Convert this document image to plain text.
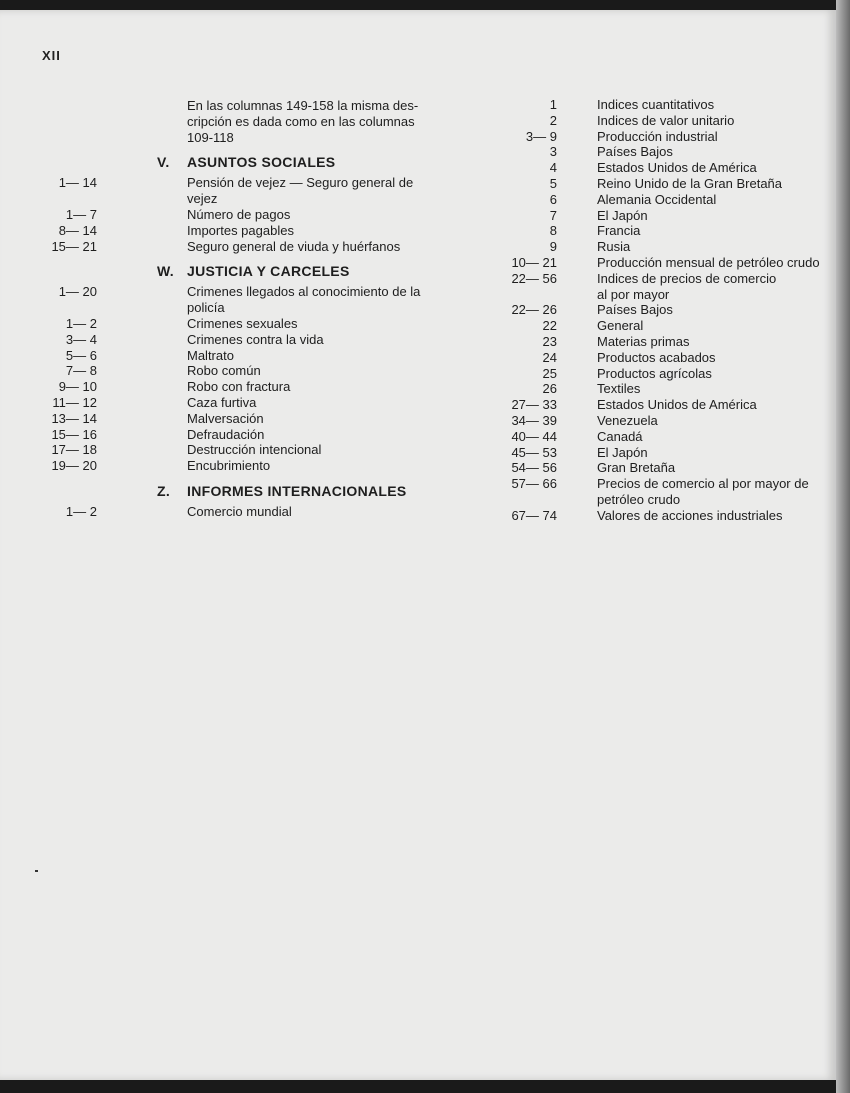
XII
En las columnas 149-158 la misma des-
cripción es dada como en las columnas
109-118
V. ASUNTOS SOCIALES
1— 14	Pensión de vejez — Seguro general de
vejez
1— 7	Número de pagos
8— 14	Importes pagables
15— 21	Seguro general de viuda y huérfanos
W. JUSTICIA Y CARCELES
1— 20	Crimenes llegados al conocimiento de la
policía
1— 2	Crimenes sexuales
3— 4	Crimenes contra la vida
5— 6	Maltrato
7— 8	Robo común
9— 10	Robo con fractura
11— 12	Caza furtiva
13— 14	Malversación
15— 16	Defraudación
17— 18	Destrucción intencional
19— 20	Encubrimiento
Z. INFORMES INTERNACIONALES
1— 2	Comercio mundial
1	Indices cuantitativos
2	Indices de valor unitario
3— 9	Producción industrial
3	Países Bajos
4	Estados Unidos de América
5	Reino Unido de la Gran Bretaña
6	Alemania Occidental
7	El Japón
8	Francia
9	Rusia
10— 21	Producción mensual de petróleo crudo
22— 56	Indices de precios de comercio
al por mayor
22— 26	Países Bajos
22	General
23	Materias primas
24	Productos acabados
25	Productos agrícolas
26	Textiles
27— 33	Estados Unidos de América
34— 39	Venezuela
40— 44	Canadá
45— 53	El Japón
54— 56	Gran Bretaña
57— 66	Precios de comercio al por mayor de
petróleo crudo
67— 74	Valores de acciones industriales
